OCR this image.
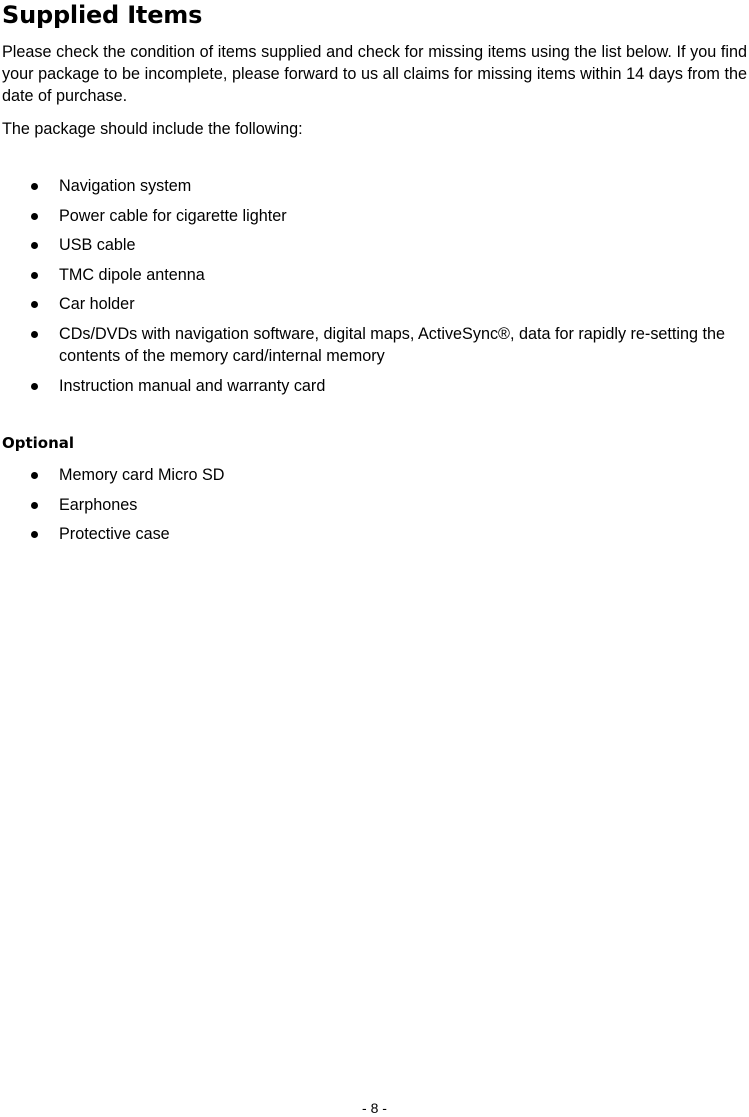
Supplied Items

Please check the condition of items supplied and check for missing items using the list below. If you find your package to be incomplete, please forward to us all claims for missing items within 14 days from the date of purchase.

The package should include the following:

Navigation system
Power cable for cigarette lighter
USB cable
TMC dipole antenna
Car holder
CDs/DVDs with navigation software, digital maps, ActiveSync®, data for rapidly re-setting the contents of the memory card/internal memory
Instruction manual and warranty card
Optional
Memory card Micro SD
Earphones
Protective case
- 8 -
